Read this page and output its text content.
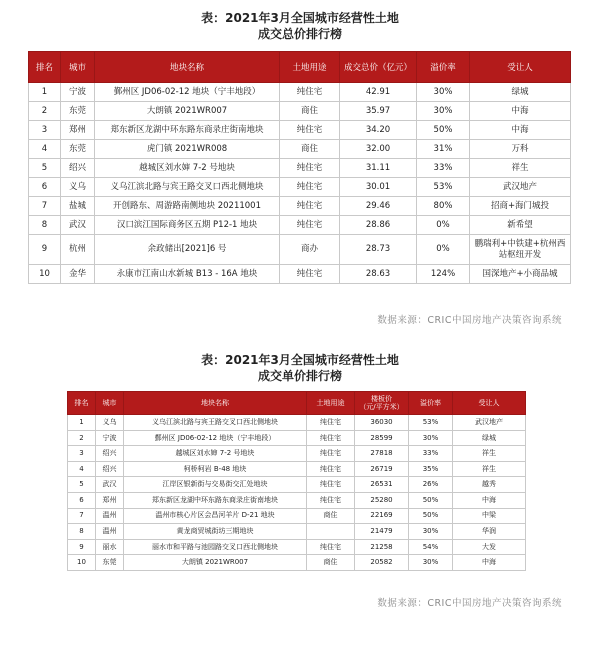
表：2021年3月全国城市经营性土地

成交总价排行榜

排名	城市	地块名称	土地用途	成交总价（亿元）	溢价率	受让人
1	宁波	鄞州区 JD06-02-12 地块（宁丰地段）	纯住宅	42.91	30%	绿城
2	东莞	大朗镇 2021WR007	商住	35.97	30%	中海
3	郑州	郑东新区龙湖中环东路东商录庄街南地块	纯住宅	34.20	50%	中海
4	东莞	虎门镇 2021WR008	商住	32.00	31%	万科
5	绍兴	越城区刘水婶 7-2 号地块	纯住宅	31.11	33%	祥生
6	义乌	义乌江滨北路与宾王路交叉口西北侧地块	纯住宅	30.01	53%	武汉地产
7	盐城	开创路东、周游路南侧地块 20211001	纯住宅	29.46	80%	招商+海门城投
8	武汉	汉口滨江国际商务区五期 P12-1 地块	纯住宅	28.86	0%	新希望
9	杭州	余政储出[2021]6 号	商办	28.73	0%	鹏瑞利+中铁建+杭州西站枢纽开发
10	金华	永康市江南山水新城 B13 - 16A 地块	纯住宅	28.63	124%	国深地产+小商品城
数据来源：CRIC中国房地产决策咨询系统

表：2021年3月全国城市经营性土地

成交单价排行榜

排名	城市	地块名称	土地用途	楼板价
（元/平方米）	溢价率	受让人
1	义乌	义乌江滨北路与宾王路交叉口西北侧地块	纯住宅	36030	53%	武汉地产
2	宁波	鄞州区 JD06-02-12 地块（宁丰地段）	纯住宅	28599	30%	绿城
3	绍兴	越城区刘水婶 7-2 号地块	纯住宅	27818	33%	祥生
4	绍兴	柯桥柯岩 B-48 地块	纯住宅	26719	35%	祥生
5	武汉	江岸区银新街与交易街交汇处地块	纯住宅	26531	26%	越秀
6	郑州	郑东新区龙湖中环东路东商录庄街南地块	纯住宅	25280	50%	中海
7	温州	温州市核心片区会昌河羊片 D-21 地块	商住	22169	50%	中梁
8	温州	黄龙商贸城街坊三期地块		21479	30%	华润
9	丽水	丽水市和平路与池园路交叉口西北侧地块	纯住宅	21258	54%	大发
10	东莞	大朗镇 2021WR007	商住	20582	30%	中海
数据来源：CRIC中国房地产决策咨询系统
